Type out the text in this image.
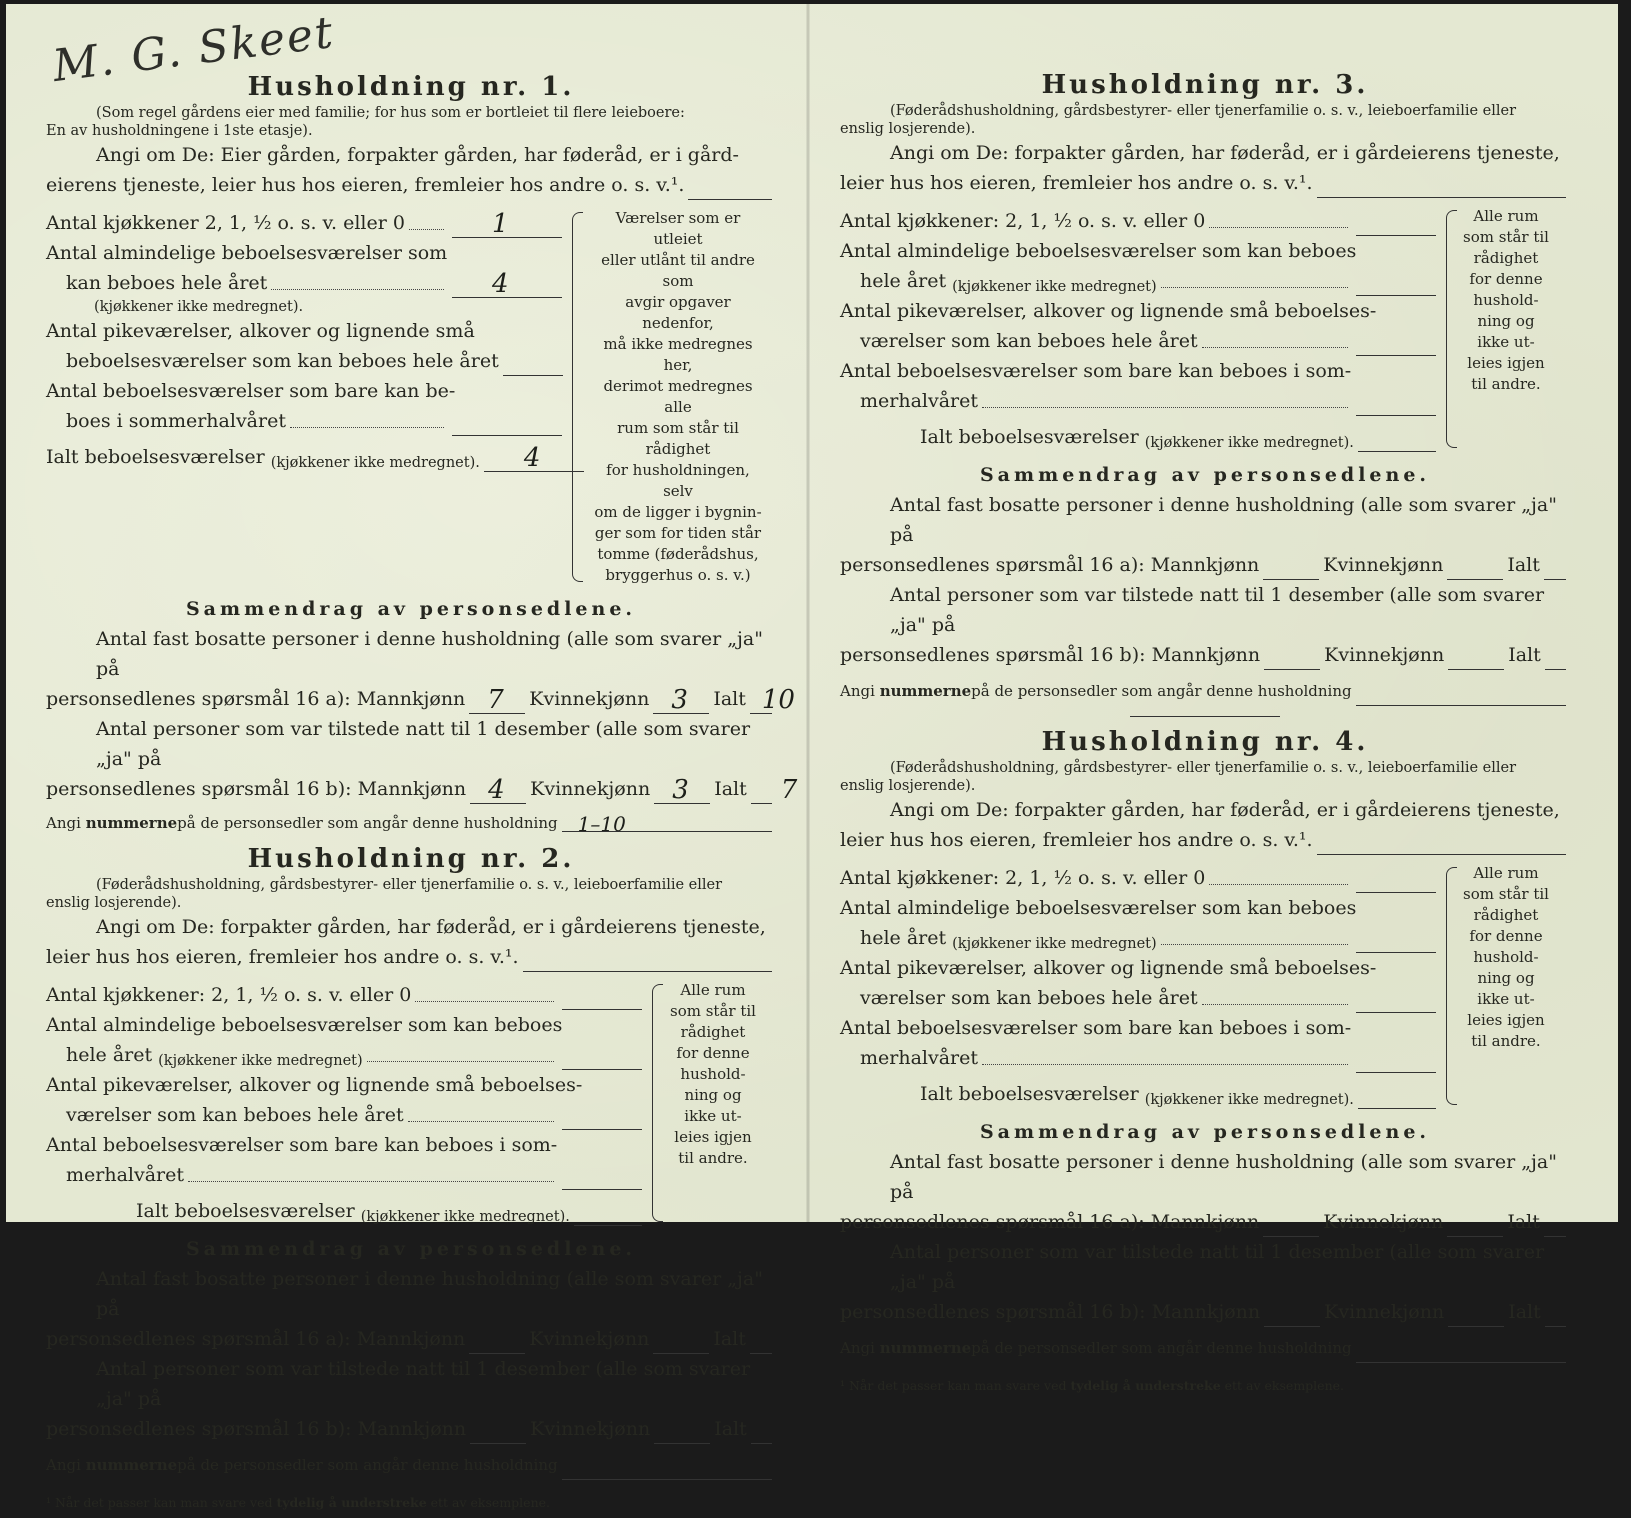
M. G. Skeet
Husholdning nr. 1.
(Som regel gårdens eier med familie; for hus som er bortleiet til flere leieboere:
En av husholdningene i 1ste etasje).
Angi om De: Eier gården, forpakter gården, har føderåd, er i gård-
eierens tjeneste, leier hus hos eieren, fremleier hos andre o. s. v.¹.
Antal kjøkkener 2, 1, ½ o. s. v. eller 0	1
Antal almindelige beboelsesværelser som
kan beboes hele året	4
(kjøkkener ikke medregnet).
Antal pikeværelser, alkover og lignende små
beboelsesværelser som kan beboes hele året
Antal beboelsesværelser som bare kan be-
boes i sommerhalvåret
Ialt beboelsesværelser (kjøkkener ikke medregnet). 4
Værelser som er utleiet
eller utlånt til andre som
avgir opgaver nedenfor,
må ikke medregnes her,
derimot medregnes alle
rum som står til rådighet
for husholdningen, selv
om de ligger i bygnin-
ger som for tiden står
tomme (føderådshus,
bryggerhus o. s. v.)
Sammendrag av personsedlene.
Antal fast bosatte personer i denne husholdning (alle som svarer „ja" på
personsedlenes spørsmål 16 a):
Mannkjønn 7 Kvinnekjønn 3 Ialt 10
Antal personer som var tilstede natt til 1 desember (alle som svarer „ja" på
personsedlenes spørsmål 16 b):
Mannkjønn 4 Kvinnekjønn 3 Ialt 7
Angi
nummerne på de personsedler som angår denne husholdning 1–10
Husholdning nr. 2.
(Føderådshusholdning, gårdsbestyrer- eller tjenerfamilie o. s. v., leieboerfamilie eller
enslig losjerende).
Angi om De: forpakter gården, har føderåd, er i gårdeierens tjeneste,
leier hus hos eieren, fremleier hos andre o. s. v.¹.
Antal kjøkkener: 2, 1, ½ o. s. v. eller 0
Antal almindelige beboelsesværelser som kan beboes
hele året (kjøkkener ikke medregnet)
Antal pikeværelser, alkover og lignende små beboelses-
værelser som kan beboes hele året
Antal beboelsesværelser som bare kan beboes i som-
merhalvåret
Ialt beboelsesværelser (kjøkkener ikke medregnet).
Alle rum
som står til
rådighet
for denne
hushold-
ning og
ikke ut-
leies igjen
til andre.
Sammendrag av personsedlene.
Antal fast bosatte personer i denne husholdning (alle som svarer „ja" på
personsedlenes spørsmål 16 a):
Mannkjønn	Kvinnekjønn	Ialt
Antal personer som var tilstede natt til 1 desember (alle som svarer „ja" på
personsedlenes spørsmål 16 b):
Mannkjønn	Kvinnekjønn	Ialt
Angi
nummerne på de personsedler som angår denne husholdning
¹ Når det passer kan man svare ved tydelig å understreke ett av eksemplene.
Husholdning nr. 3.
(Føderådshusholdning, gårdsbestyrer- eller tjenerfamilie o. s. v., leieboerfamilie eller
enslig losjerende).
Angi om De: forpakter gården, har føderåd, er i gårdeierens tjeneste,
leier hus hos eieren, fremleier hos andre o. s. v.¹.
Antal kjøkkener: 2, 1, ½ o. s. v. eller 0
Antal almindelige beboelsesværelser som kan beboes
hele året (kjøkkener ikke medregnet)
Antal pikeværelser, alkover og lignende små beboelses-
værelser som kan beboes hele året
Antal beboelsesværelser som bare kan beboes i som-
merhalvåret
Ialt beboelsesværelser (kjøkkener ikke medregnet).
Alle rum
som står til
rådighet
for denne
hushold-
ning og
ikke ut-
leies igjen
til andre.
Sammendrag av personsedlene.
Antal fast bosatte personer i denne husholdning (alle som svarer „ja" på
personsedlenes spørsmål 16 a):
Mannkjønn	Kvinnekjønn	Ialt
Antal personer som var tilstede natt til 1 desember (alle som svarer „ja" på
personsedlenes spørsmål 16 b):
Mannkjønn	Kvinnekjønn	Ialt
Angi
nummerne på de personsedler som angår denne husholdning
Husholdning nr. 4.
(Føderådshusholdning, gårdsbestyrer- eller tjenerfamilie o. s. v., leieboerfamilie eller
enslig losjerende).
Angi om De: forpakter gården, har føderåd, er i gårdeierens tjeneste,
leier hus hos eieren, fremleier hos andre o. s. v.¹.
Antal kjøkkener: 2, 1, ½ o. s. v. eller 0
Antal almindelige beboelsesværelser som kan beboes
hele året (kjøkkener ikke medregnet)
Antal pikeværelser, alkover og lignende små beboelses-
værelser som kan beboes hele året
Antal beboelsesværelser som bare kan beboes i som-
merhalvåret
Ialt beboelsesværelser (kjøkkener ikke medregnet).
Alle rum
som står til
rådighet
for denne
hushold-
ning og
ikke ut-
leies igjen
til andre.
Sammendrag av personsedlene.
Antal fast bosatte personer i denne husholdning (alle som svarer „ja" på
personsedlenes spørsmål 16 a):
Mannkjønn	Kvinnekjønn	Ialt
Antal personer som var tilstede natt til 1 desember (alle som svarer „ja" på
personsedlenes spørsmål 16 b):
Mannkjønn	Kvinnekjønn	Ialt
Angi
nummerne på de personsedler som angår denne husholdning
¹ Når det passer kan man svare ved tydelig å understreke ett av eksemplene.
